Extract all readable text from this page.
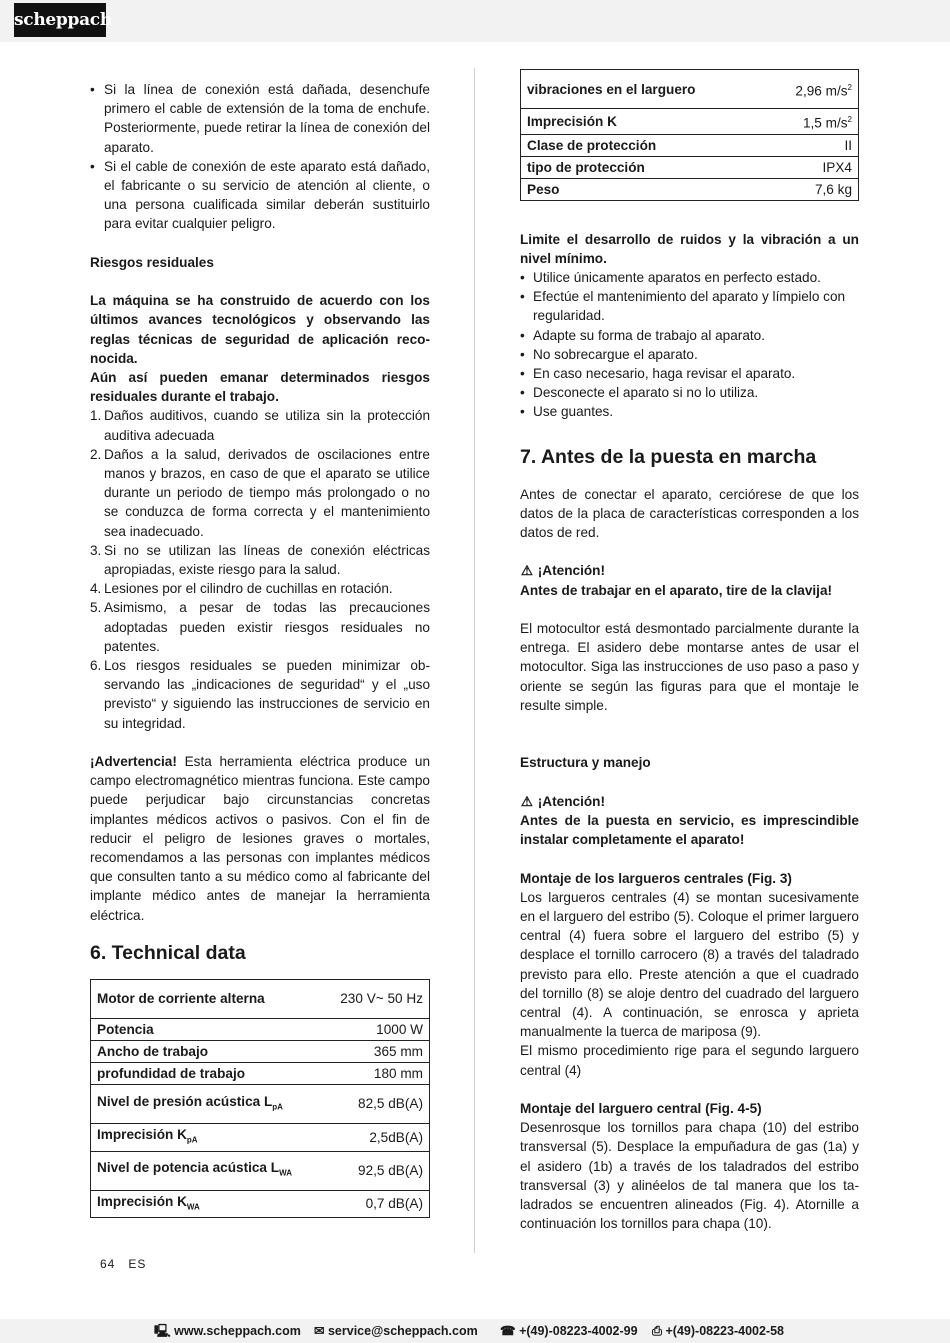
scheppach

• Si la línea de conexión está dañada, desenchufe primero el cable de extensión de la toma de enchufe. Posteriormente, puede retirar la línea de conexión del aparato.

• Si el cable de conexión de este aparato está dañado, el fabricante o su servicio de atención al cliente, o una persona cualificada similar deberán sustituirlo para evitar cualquier peligro.

Riesgos residuales

La máquina se ha construido de acuerdo con los últimos avances tecnológicos y observando las reglas técnicas de seguridad de aplicación reconocida.

Aún así pueden emanar determinados riesgos residuales durante el trabajo.

1. Daños auditivos, cuando se utiliza sin la protección auditiva adecuada
2. Daños a la salud, derivados de oscilaciones entre manos y brazos, en caso de que el aparato se utilice durante un periodo de tiempo más prolongado o no se conduzca de forma correcta y el mantenimiento sea inadecuado.
3. Si no se utilizan las líneas de conexión eléctricas apropiadas, existe riesgo para la salud.
4. Lesiones por el cilindro de cuchillas en rotación.
5. Asimismo, a pesar de todas las precauciones adoptadas pueden existir riesgos residuales no patentes.
6. Los riesgos residuales se pueden minimizar observando las „indicaciones de seguridad“ y el „uso previsto“ y siguiendo las instrucciones de servicio en su integridad.

¡Advertencia! Esta herramienta eléctrica produce un campo electromagnético mientras funciona. Este campo puede perjudicar bajo circunstancias concretas implantes médicos activos o pasivos. Con el fin de reducir el peligro de lesiones graves o mortales, recomendamos a las personas con implantes médicos que consulten tanto a su médico como al fabricante del implante médico antes de manejar la herramienta eléctrica.

6. Technical data
Motor de corriente alterna	230 V~ 50 Hz
Potencia	1000 W
Ancho de trabajo	365 mm
profundidad de trabajo	180 mm
Nivel de presión acústica $L_{pA}$	82,5 dB(A)
Imprecisión $K_{pA}$	2,5dB(A)
Nivel de potencia acústica $L_{WA}$	92,5 dB(A)
Imprecisión $K_{WA}$	0,7 dB(A)
vibraciones en el larguero	2,96 $m/s^2$
Imprecisión K	1,5 $m/s^2$
Clase de protección	II
tipo de protección	IPX4
Peso	7,6 kg

Limite el desarrollo de ruidos y la vibración a un nivel mínimo.

• Utilice únicamente aparatos en perfecto estado.
• Efectúe el mantenimiento del aparato y límpielo con regularidad.
• Adapte su forma de trabajo al aparato.
• No sobrecargue el aparato.
• En caso necesario, haga revisar el aparato.
• Desconecte el aparato si no lo utiliza.
• Use guantes.
7. Antes de la puesta en marcha

Antes de conectar el aparato, cerciórese de que los datos de la placa de características corresponden a los datos de red.

⚠ ¡Atención!

Antes de trabajar en el aparato, tire de la clavija!

El motocultor está desmontado parcialmente durante la entrega. El asidero debe montarse antes de usar el motocultor. Siga las instrucciones de uso paso a paso y oriente se según las figuras para que el montaje le resulte simple.

Estructura y manejo

⚠ ¡Atención!

Antes de la puesta en servicio, es imprescindible instalar completamente el aparato!

Montaje de los largueros centrales (Fig. 3)

Los largueros centrales (4) se montan sucesivamente en el larguero del estribo (5). Coloque el primer larguero central (4) fuera sobre el larguero del estribo (5) y desplace el tornillo carrocero (8) a través del taladrado previsto para ello. Preste atención a que el cuadrado del tornillo (8) se aloje dentro del cuadrado del larguero central (4). A continuación, se enrosca y aprieta manualmente la tuerca de mariposa (9).

El mismo procedimiento rige para el segundo larguero central (4)

Montaje del larguero central (Fig. 4-5)

Desenrosque los tornillos para chapa (10) del estribo transversal (5). Desplace la empuñadura de gas (1a) y el asidero (1b) a través de los taladrados del estribo transversal (3) y alinéelos de tal manera que los taladrados se encuentren alineados (Fig. 4). Atornille a continuación los tornillos para chapa (10).

64 ES
🖳 www.scheppach.com ✉ service@scheppach.com ☎ +(49)-08223-4002-99 ⎙ +(49)-08223-4002-58
